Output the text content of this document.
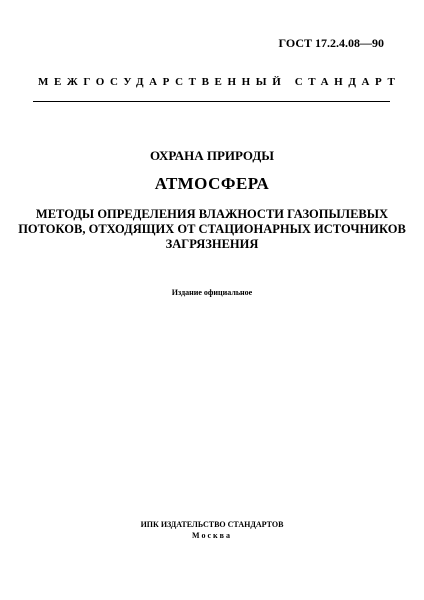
ГОСТ 17.2.4.08—90
МЕЖГОСУДАРСТВЕННЫЙ СТАНДАРТ
ОХРАНА ПРИРОДЫ
АТМОСФЕРА
МЕТОДЫ ОПРЕДЕЛЕНИЯ ВЛАЖНОСТИ ГАЗОПЫЛЕВЫХ
ПОТОКОВ, ОТХОДЯЩИХ ОТ СТАЦИОНАРНЫХ ИСТОЧНИКОВ
ЗАГРЯЗНЕНИЯ
Издание официальное
ИПК ИЗДАТЕЛЬСТВО СТАНДАРТОВ
Москва
